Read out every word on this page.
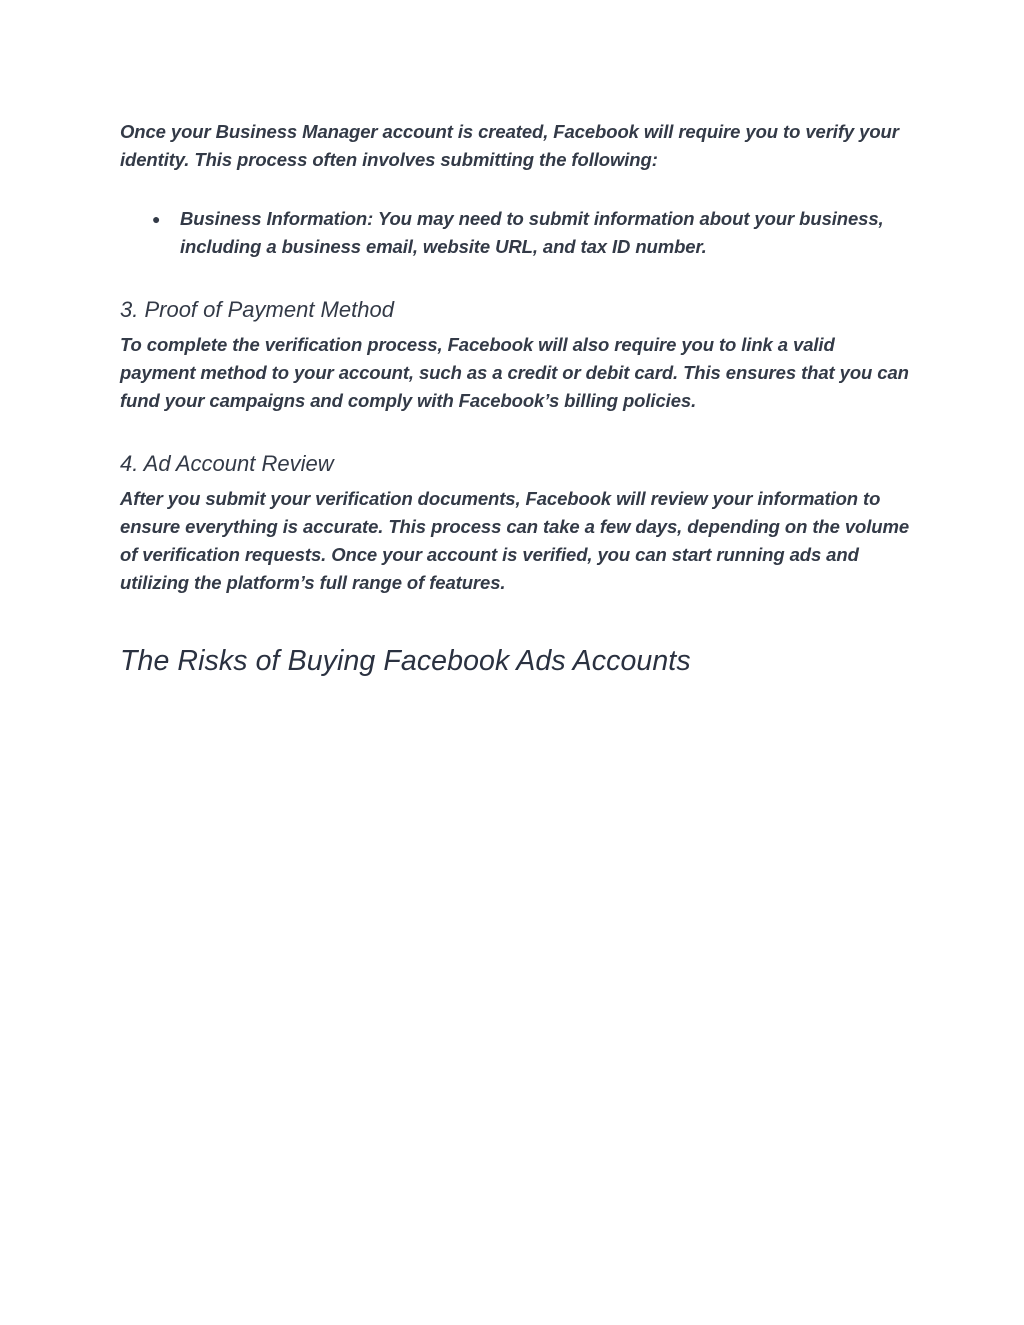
Once your Business Manager account is created, Facebook will require you to verify your identity. This process often involves submitting the following:

● Business Information: You may need to submit information about your business, including a business email, website URL, and tax ID number.
3. Proof of Payment Method

To complete the verification process, Facebook will also require you to link a valid payment method to your account, such as a credit or debit card. This ensures that you can fund your campaigns and comply with Facebook’s billing policies.

4. Ad Account Review

After you submit your verification documents, Facebook will review your information to ensure everything is accurate. This process can take a few days, depending on the volume of verification requests. Once your account is verified, you can start running ads and utilizing the platform’s full range of features.

The Risks of Buying Facebook Ads Accounts
